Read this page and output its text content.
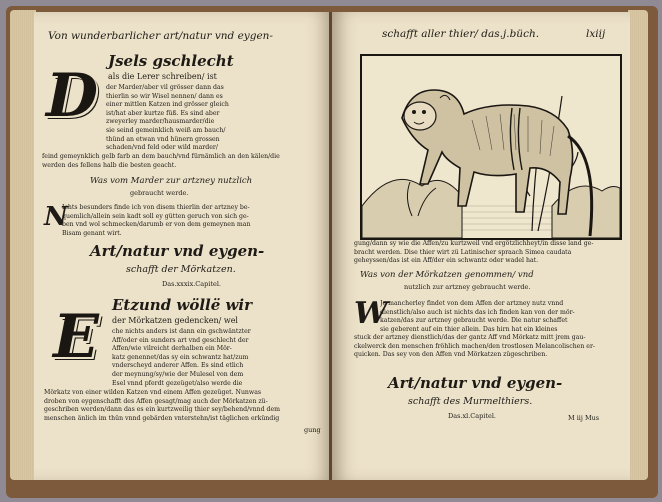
Von wunderbarlicher art/natur vnd eygen-
D Jsels gschlecht

als die Lerer schreiben/ ist

der Marder/aber vil grösser dann das

thierlin so wir Wisel nennen/ dann es

einer mittlen Katzen ind grösser gleich

ist/hat aber kurtze füß. Es sind aber

zweyerley marder/hausmarder/die

sie seind gemeinklich weiß am bauch/

thünd an etwan vnd hünern grossen

schaden/vnd feld oder wild marder/

feind gemeynklich gelb farb an dem bauch/vnd fürnämlich an den kälen/die

werden des fellens halb die besten geacht.

Was vom Marder zur artzney nutzlich
gebraucht werde.
N

Ichts besunders finde ich von disem thierlin der artzney be-

quemlich/allein sein kadt soll ey gütten geruch von sich ge-

ben vnd wol schmecken/darumb er von dem gemeynen man

Bisam genant wirt.

Art/natur vnd eygen-
schafft der Mörkatzen.
Das.xxxix.Capitel.
E Etzund wöllë wir

der Mörkatzen gedencken/ wel

che nichts anders ist dann ein gschwäntzter

Aff/oder ein sunders art vnd geschlecht der

Affen/wie vilreicht derhalben ein Mör-

katz genennet/das sy ein schwantz hat/zum

vnderscheyd anderer Affen. Es sind etlich

der meynung/sy/wie der Mulesel von dem

Esel vnnd pferdt gezeüget/also werde die

Mörkatz von einer wilden Katzen vnd einem Affen gezeüget. Nunwas

droben von eygenschafft des Affen gesagt/mag auch der Mörkatzen zü-

geschriben werden/dann das es ein kurtzweilig thier sey/behend/vnnd dem

menschen änlich im thün vnnd gebärden vnterstehn/ist täglichen erkündig

gung
schafft aller thier/ das.j.büch.	lxiij

gung/dann sy wie die Affen/zu kurtzweil vnd ergötzlichheyt/in disse land ge-

bracht werden. Dise thier wirt zü Latinischer spraach Simea caudata

geheyssen/das ist ein Aff/der ein schwantz oder wadel hat.

Was von der Mörkatzen genommen/ vnd
nutzlich zur artzney gebraucht werde.
W

Je mancherley findet von dem Affen der artzney nutz vnnd

dienstlich/also auch ist nichts das ich finden kan von der mör-

katzen/das zur artzney gebraucht werde. Die natur schaffet

sie geberent auf ein thier allein. Das hirn hat ein kleines

stuck der artzney dienstlich/das der gantz Aff vnd Mörkatz mitt jrem gau-

ckelwerck den menschen fröhlich machen/den trostlosen Melancolischen er-

quicken. Das sey von den Affen vnd Mörkatzen zügeschriben.

Art/natur vnd eygen-
schafft des Murmelthiers.
Das.xl.Capitel.	M iij Mus
